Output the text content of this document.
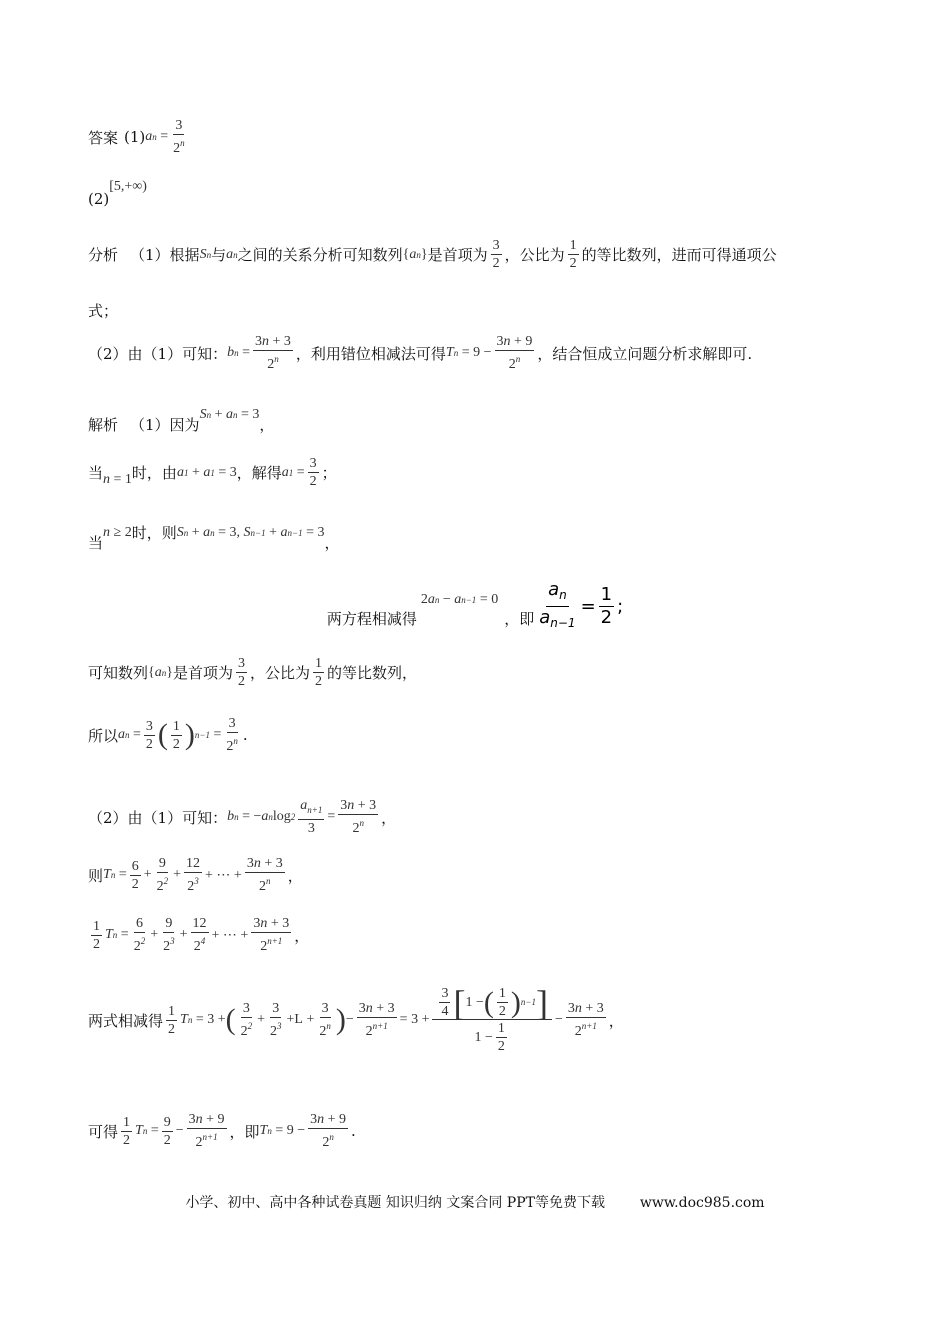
答案 (1) a $n = \frac{3}{2^n}$
(2)
[5,+∞)
分析 （1）根据 S n 与 a n 之间的关系分析可知数列 { a n } 是首项为 $\frac{3}{2}$ ，公比为 $\frac{1}{2}$ 的等比数列，进而可得通项公
式；
（2）由（1）可知： b $n = \frac{3n + 3}{2^n}$ ，利用错位相减法可得 T $n = 9 - \frac{3n + 9}{2^n}$ ，结合恒成立问题分析求解即可.
解析 （1）因为
S n + a n = 3
，
当 n = 1 时，由 a 1 + a 1 = 3 ，解得 a $1 = \frac{3}{2}$ ；
当
n ≥ 2 时，则 S n + a n = 3, S n−1 + a n−1 = 3
，
两方程相减得
2 a n − a n−1 = 0
，即 $\frac{a_n}{a_{n-1}} = \frac{1}{2}$ ;
可知数列 { a n } 是首项为 $\frac{3}{2}$ ，公比为 $\frac{1}{2}$ 的等比数列，
所以 a $n = \frac{3}{2}$ ( $\frac{1}{2}$ ) $n-1 = \frac{3}{2^n}$ .
（2）由（1）可知： b n = − a n $\log 2 \frac{a_{n+1}}{3} = \frac{3n + 3}{2^n}$ ，
则 T $n = \frac{6}{2} + \frac{9}{2^2} + \frac{12}{2^3}$ + ⋯ + $\frac{3n + 3}{2^n}$ ，
$\frac{1}{2}$ T $n = \frac{6}{2^2} + \frac{9}{2^3} + \frac{12}{2^4}$ + ⋯ + $\frac{3n + 3}{2^{n+1}}$ ，
两式相减得 $\frac{1}{2}$ T n = 3 + ( $\frac{3}{2^2} + \frac{3}{2^3} +L + \frac{3}{2^n}$ ) − $\frac{3n + 3}{2^{n+1}} = 3 + \frac{\frac{3}{4} [ 1 - ( \frac{1}{2} ) n-1 ]}{1 - \frac{1}{2}} - \frac{3n + 3}{2^{n+1}}$ ，
可得 $\frac{1}{2}$ T $n = \frac{9}{2} - \frac{3n + 9}{2^{n+1}}$ ，即 T $n = 9 - \frac{3n + 9}{2^n}$ .
小学、初中、高中各种试卷真题 知识归纳 文案合同 PPT等免费下载 www.doc985.com
